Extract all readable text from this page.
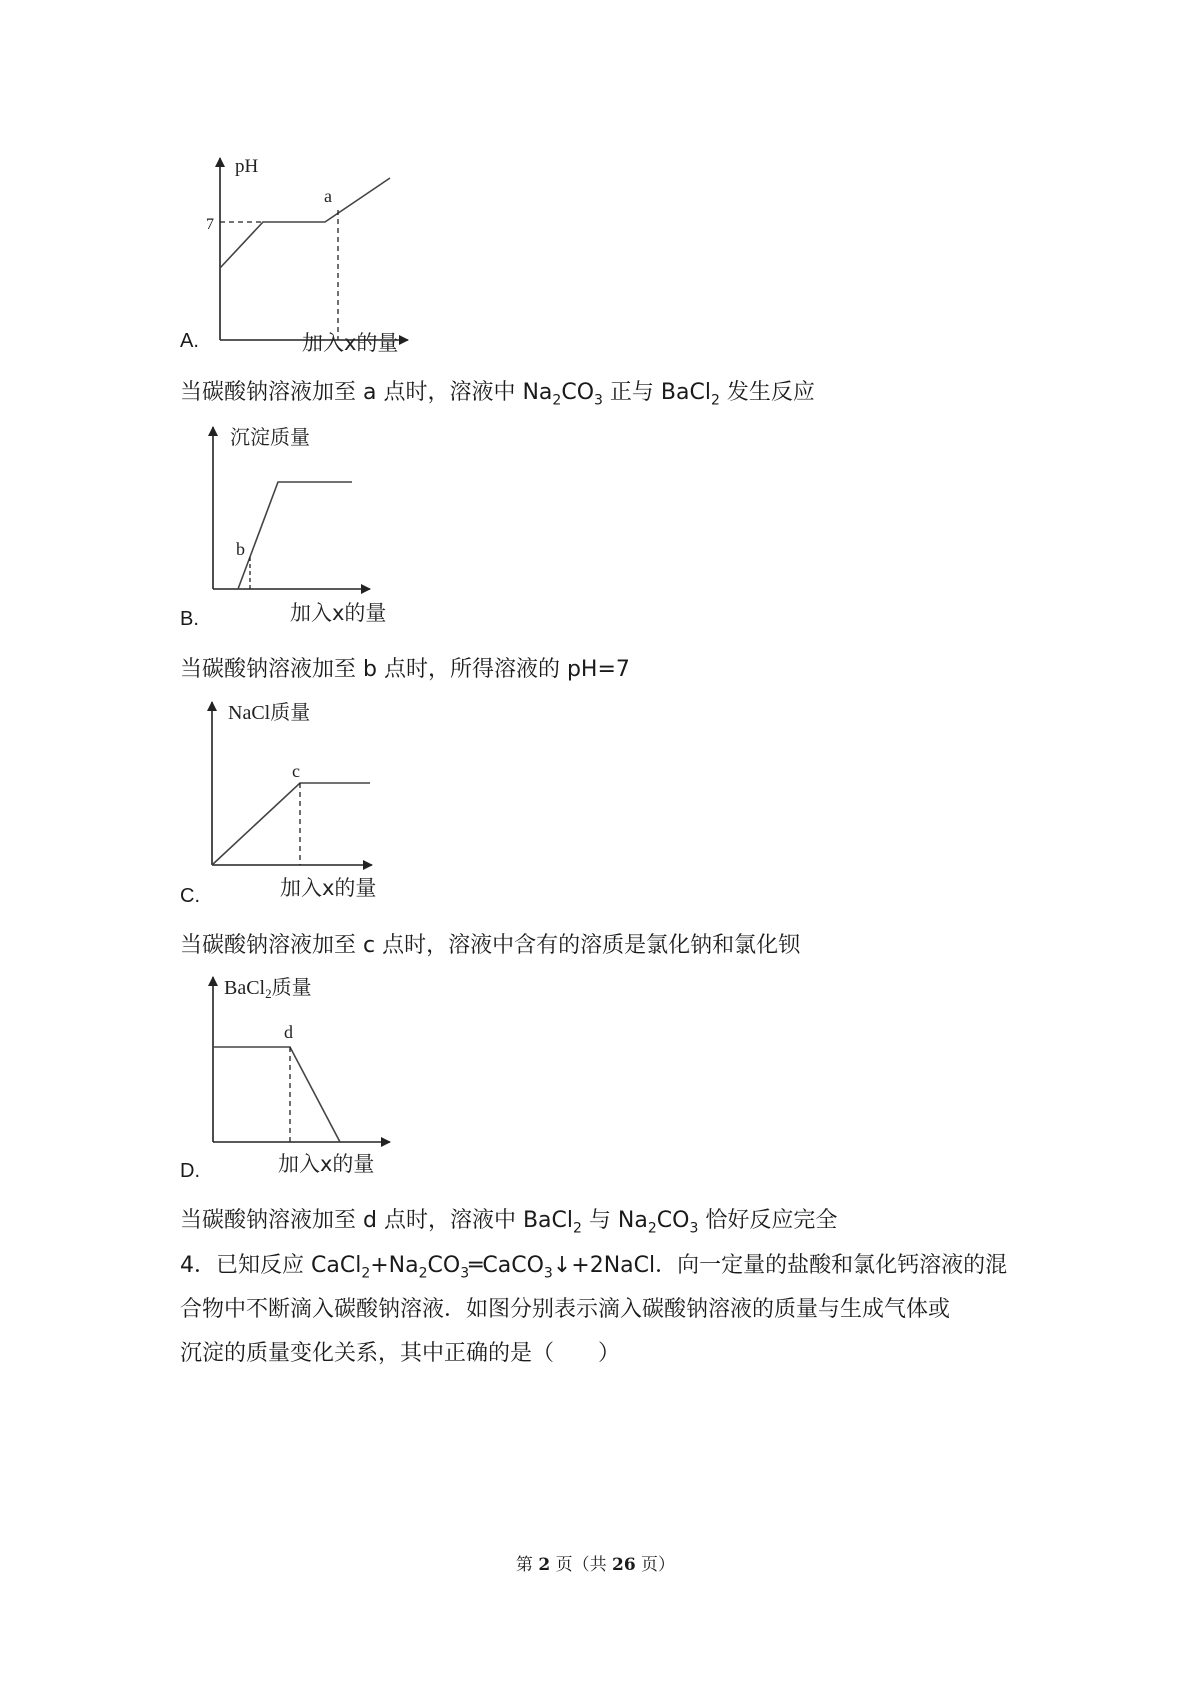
pH
7
a
加入x的量
A.
当碳酸钠溶液加至 a 点时，溶液中 $Na_2CO_3$ 正与 BaCl$_2$ 发生反应
沉淀质量
b
加入x的量
B.
当碳酸钠溶液加至 b 点时，所得溶液的 pH=7
NaCl质量
c
加入x的量
C.
当碳酸钠溶液加至 c 点时，溶液中含有的溶质是氯化钠和氯化钡
BaCl$_2$质量
d
加入x的量
D.
当碳酸钠溶液加至 d 点时，溶液中 BaCl$_2$ 与 $Na_2CO_3$ 恰好反应完全
4．已知反应 $CaCl_2+Na_2CO_3═CaCO_3↓+2NaCl$．向一定量的盐酸和氯化钙溶液的混
合物中不断滴入碳酸钠溶液．如图分别表示滴入碳酸钠溶液的质量与生成气体或
沉淀的质量变化关系，其中正确的是（　　）
第 2 页（共 26 页）
